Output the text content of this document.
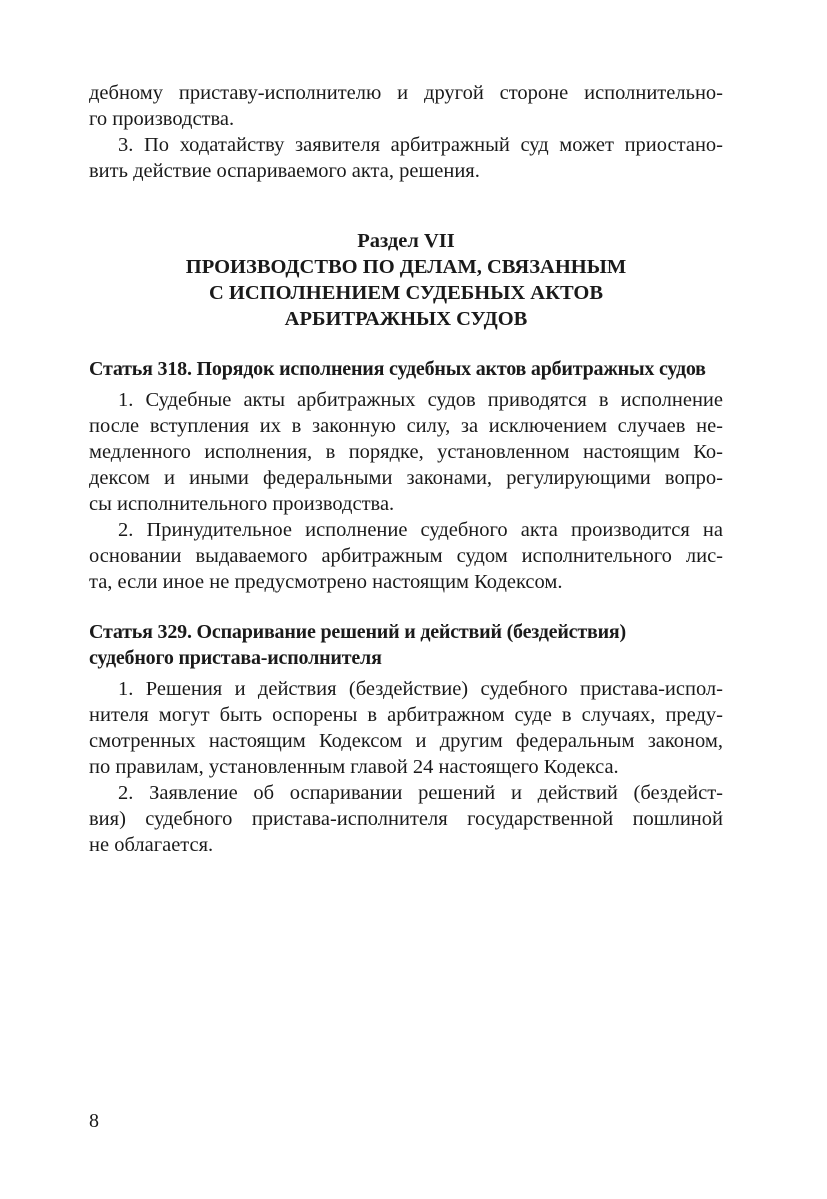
дебному приставу-исполнителю и другой стороне исполнительно-
го производства.

3. По ходатайству заявителя арбитражный суд может приостано-
вить действие оспариваемого акта, решения.

Раздел VII
ПРОИЗВОДСТВО ПО ДЕЛАМ, СВЯЗАННЫМ
С ИСПОЛНЕНИЕМ СУДЕБНЫХ АКТОВ
АРБИТРАЖНЫХ СУДОВ
Статья 318. Порядок исполнения судебных актов арбитражных судов

1. Судебные акты арбитражных судов приводятся в исполнение
после вступления их в законную силу, за исключением случаев не-
медленного исполнения, в порядке, установленном настоящим Ко-
дексом и иными федеральными законами, регулирующими вопро-
сы исполнительного производства.

2. Принудительное исполнение судебного акта производится на
основании выдаваемого арбитражным судом исполнительного лис-
та, если иное не предусмотрено настоящим Кодексом.

Статья 329. Оспаривание решений и действий (бездействия)
судебного пристава-исполнителя

1. Решения и действия (бездействие) судебного пристава-испол-
нителя могут быть оспорены в арбитражном суде в случаях, преду-
смотренных настоящим Кодексом и другим федеральным законом,
по правилам, установленным главой 24 настоящего Кодекса.

2. Заявление об оспаривании решений и действий (бездейст-
вия) судебного пристава-исполнителя государственной пошлиной
не облагается.

8
